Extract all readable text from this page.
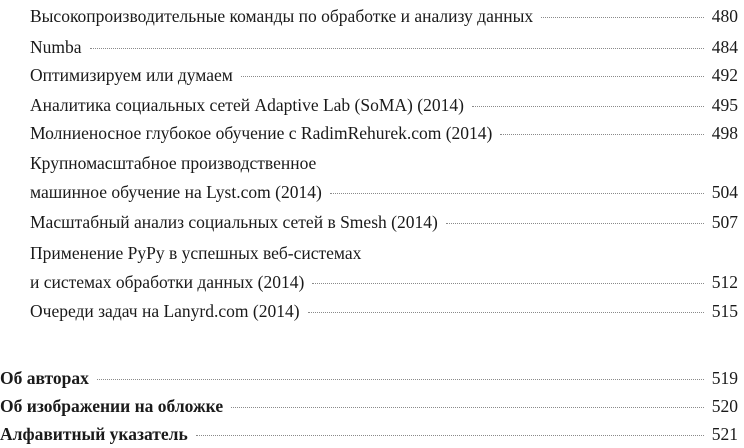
Высокопроизводительные команды по обработке и анализу данных	480
Numba	484
Оптимизируем или думаем	492
Аналитика социальных сетей Adaptive Lab (SoMA) (2014)	495
Молниеносное глубокое обучение с RadimRehurek.com (2014)	498
Крупномасштабное производственное
машинное обучение на Lyst.com (2014)	504
Масштабный анализ социальных сетей в Smesh (2014)	507
Применение PyPy в успешных веб-системах
и системах обработки данных (2014)	512
Очереди задач на Lanyrd.com (2014)	515
Об авторах	519
Об изображении на обложке	520
Алфавитный указатель	521
